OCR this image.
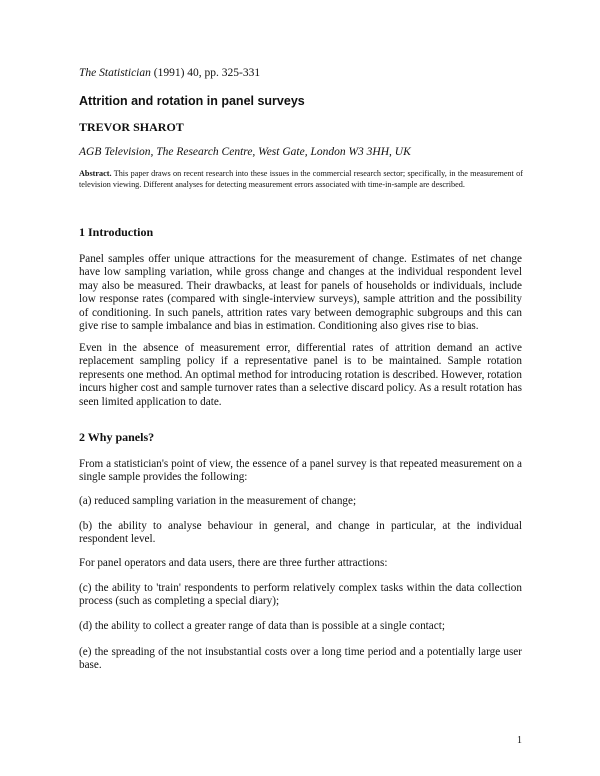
The Statistician (1991) 40, pp. 325-331
Attrition and rotation in panel surveys
TREVOR SHAROT
AGB Television, The Research Centre, West Gate, London W3 3HH, UK

Abstract. This paper draws on recent research into these issues in the commercial research sector; specifically, in the measurement of television viewing. Different analyses for detecting measurement errors associated with time-in-sample are described.

1 Introduction

Panel samples offer unique attractions for the measurement of change. Estimates of net change have low sampling variation, while gross change and changes at the individual respondent level may also be measured. Their drawbacks, at least for panels of households or individuals, include low response rates (compared with single-interview surveys), sample attrition and the possibility of conditioning. In such panels, attrition rates vary between demographic subgroups and this can give rise to sample imbalance and bias in estimation. Conditioning also gives rise to bias.

Even in the absence of measurement error, differential rates of attrition demand an active replacement sampling policy if a representative panel is to be maintained. Sample rotation represents one method. An optimal method for introducing rotation is described. However, rotation incurs higher cost and sample turnover rates than a selective discard policy. As a result rotation has seen limited application to date.

2 Why panels?

From a statistician's point of view, the essence of a panel survey is that repeated measurement on a single sample provides the following:

(a) reduced sampling variation in the measurement of change;

(b) the ability to analyse behaviour in general, and change in particular, at the individual respondent level.

For panel operators and data users, there are three further attractions:

(c) the ability to 'train' respondents to perform relatively complex tasks within the data collection process (such as completing a special diary);

(d) the ability to collect a greater range of data than is possible at a single contact;

(e) the spreading of the not insubstantial costs over a long time period and a potentially large user base.

1
